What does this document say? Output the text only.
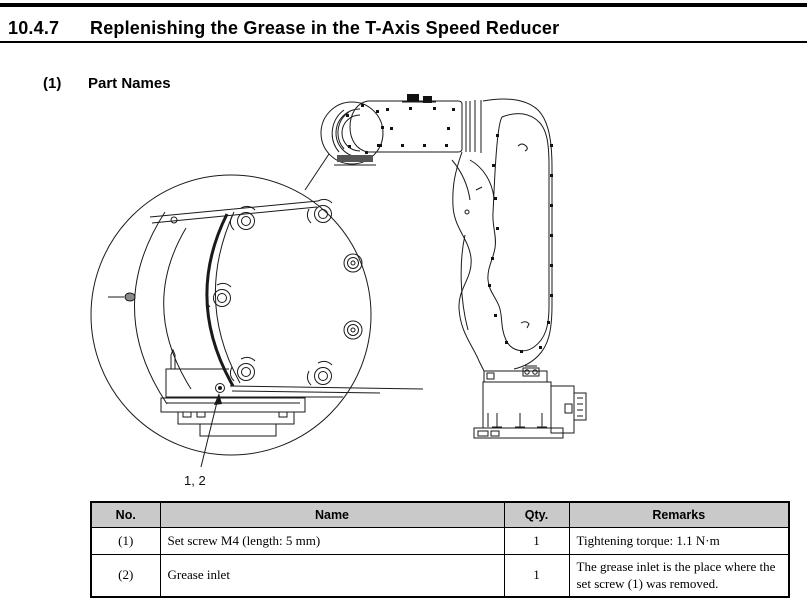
10.4.7 Replenishing the Grease in the T-Axis Speed Reducer
(1) Part Names
1, 2
No.	Name	Qty.	Remarks
(1)	Set screw M4 (length: 5 mm)	1	Tightening torque: 1.1 N·m
(2)	Grease inlet	1	The grease inlet is the place where the set screw (1) was removed.
